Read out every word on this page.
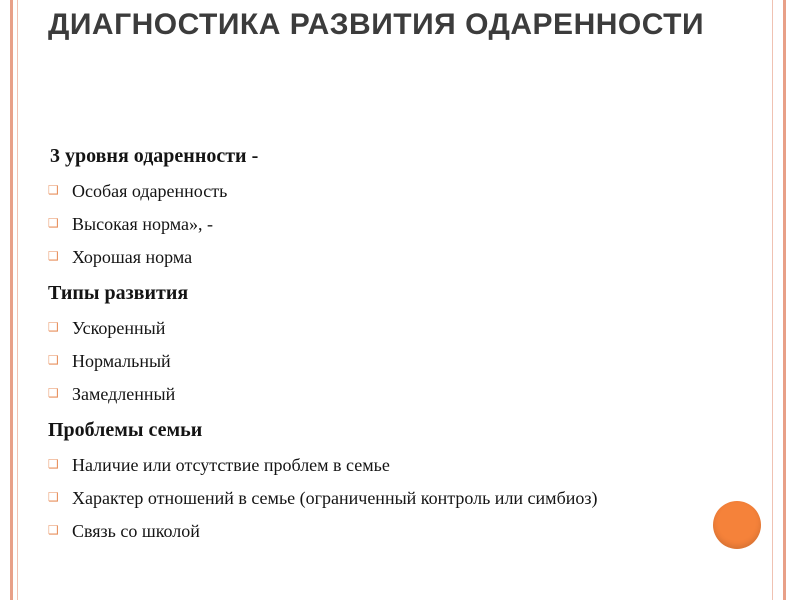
ДИАГНОСТИКА РАЗВИТИЯ ОДАРЕННОСТИ

3 уровня одаренности -

❑ Особая одаренность
❑ Высокая норма», -
❑ Хорошая норма

Типы развития

❑ Ускоренный
❑ Нормальный
❑ Замедленный

Проблемы семьи

❑ Наличие или отсутствие проблем в семье
❑ Характер отношений в семье (ограниченный контроль или симбиоз)
❑ Связь со школой
